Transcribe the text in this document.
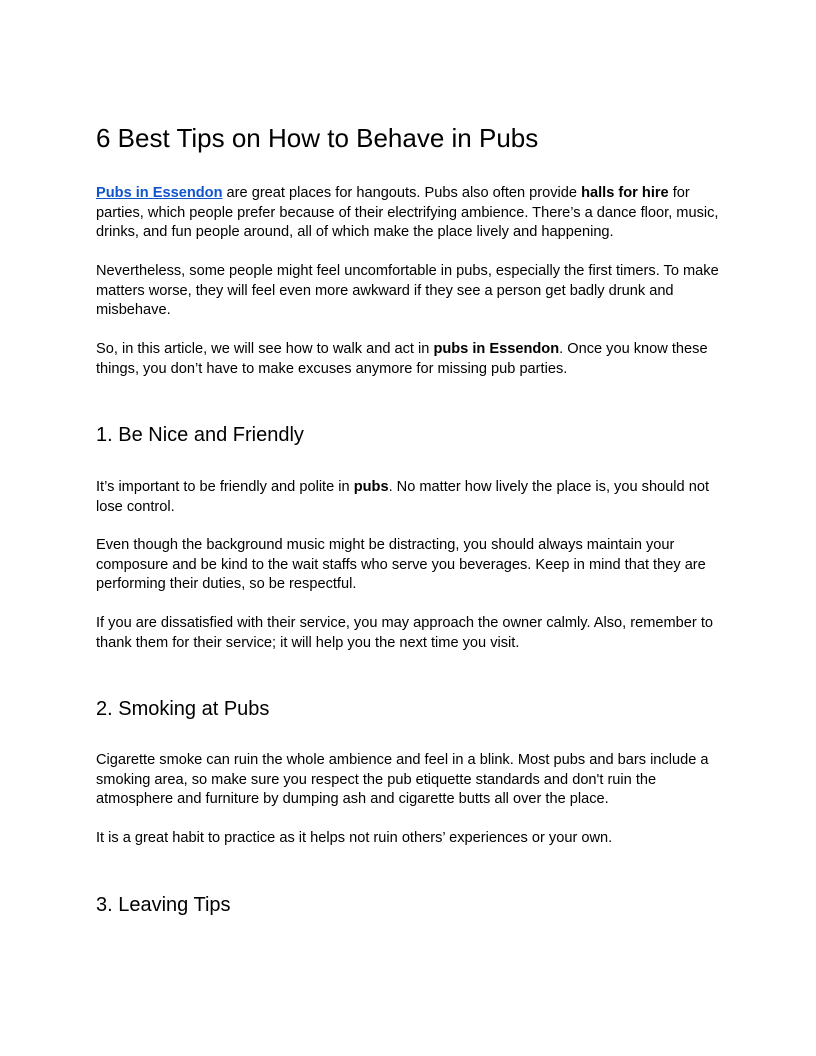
6 Best Tips on How to Behave in Pubs

Pubs in Essendon are great places for hangouts. Pubs also often provide halls for hire for parties, which people prefer because of their electrifying ambience. There’s a dance floor, music, drinks, and fun people around, all of which make the place lively and happening.

Nevertheless, some people might feel uncomfortable in pubs, especially the first timers. To make matters worse, they will feel even more awkward if they see a person get badly drunk and misbehave.

So, in this article, we will see how to walk and act in pubs in Essendon. Once you know these things, you don’t have to make excuses anymore for missing pub parties.

1. Be Nice and Friendly

It’s important to be friendly and polite in pubs. No matter how lively the place is, you should not lose control.

Even though the background music might be distracting, you should always maintain your composure and be kind to the wait staffs who serve you beverages. Keep in mind that they are performing their duties, so be respectful.

If you are dissatisfied with their service, you may approach the owner calmly. Also, remember to thank them for their service; it will help you the next time you visit.

2. Smoking at Pubs

Cigarette smoke can ruin the whole ambience and feel in a blink. Most pubs and bars include a smoking area, so make sure you respect the pub etiquette standards and don't ruin the atmosphere and furniture by dumping ash and cigarette butts all over the place.

It is a great habit to practice as it helps not ruin others’ experiences or your own.

3. Leaving Tips
